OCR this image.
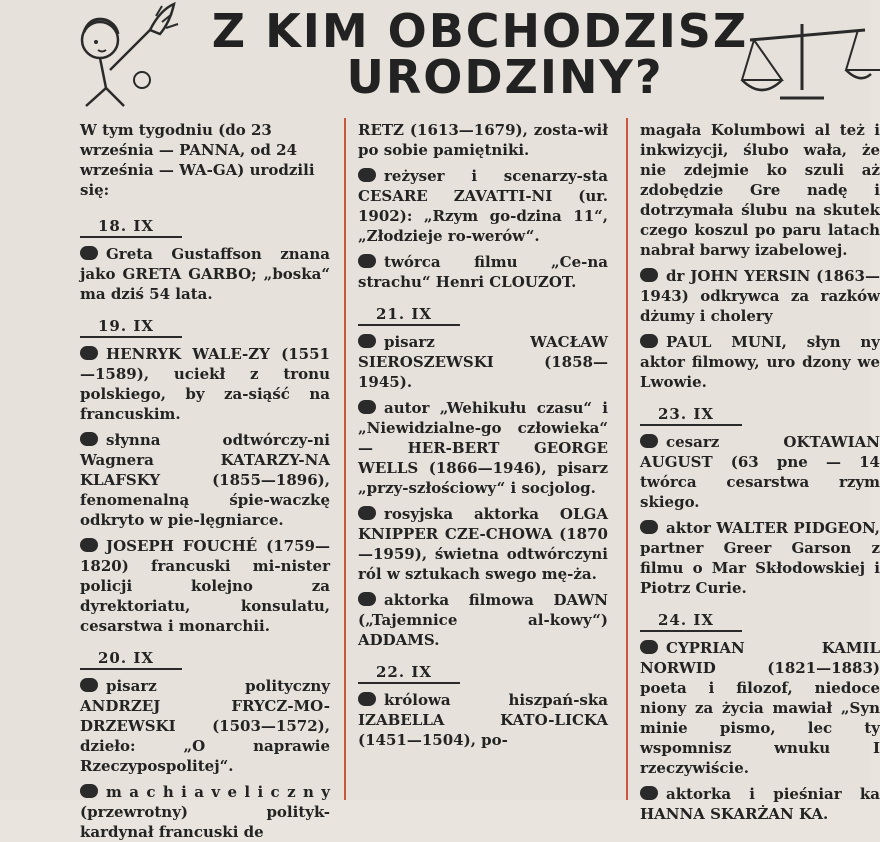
Z KIM OBCHODZISZ
URODZINY?

W tym tygodniu (do 23 września — PANNA, od 24 września — WA-GA) urodzili się:

18. IX

Greta Gustaffson znana jako GRETA GARBO; „boska“ ma dziś 54 lata.

19. IX

HENRYK WALE-ZY (1551—1589), uciekł z tronu polskiego, by za-siąść na francuskim.

słynna odtwórczy-ni Wagnera KATARZY-NA KLAFSKY (1855—1896), fenomenalną śpie-waczkę odkryto w pie-lęgniarce.

JOSEPH FOUCHÉ (1759—1820) francuski mi-nister policji kolejno za dyrektoriatu, konsulatu, cesarstwa i monarchii.

20. IX

pisarz polityczny ANDRZEJ FRYCZ-MO-DRZEWSKI (1503—1572), dzieło: „O naprawie Rzeczypospolitej“.

m a c h i a v e l i c z n y (przewrotny) polityk-kardynał francuski de

RETZ (1613—1679), zosta-wił po sobie pamiętniki.

reżyser i scenarzy-sta CESARE ZAVATTI-NI (ur. 1902): „Rzym go-dzina 11“, „Złodzieje ro-werów“.

twórca filmu „Ce-na strachu“ Henri CLOUZOT.

21. IX

pisarz WACŁAW SIEROSZEWSKI (1858—1945).

autor „Wehikułu czasu“ i „Niewidzialne-go człowieka“ — HER-BERT GEORGE WELLS (1866—1946), pisarz „przy-szłościowy“ i socjolog.

rosyjska aktorka OLGA KNIPPER CZE-CHOWA (1870—1959), świetna odtwórczyni ról w sztukach swego mę-ża.

aktorka filmowa DAWN („Tajemnice al-kowy“) ADDAMS.

22. IX

królowa hiszpań-ska IZABELLA KATO-LICKA (1451—1504), po-

magała Kolumbowi al też i inkwizycji, ślubo wała, że nie zdejmie ko szuli aż zdobędzie Gre nadę i dotrzymała ślubu na skutek czego koszul po paru latach nabrał barwy izabelowej.

dr JOHN YERSIN (1863—1943) odkrywca za razków dżumy i cholery

PAUL MUNI, słyn ny aktor filmowy, uro dzony we Lwowie.

23. IX

cesarz OKTAWIAN AUGUST (63 pne — 14 twórca cesarstwa rzym skiego.

aktor WALTER PIDGEON, partner Greer Garson z filmu o Mar Skłodowskiej i Piotrz Curie.

24. IX

CYPRIAN KAMIL NORWID (1821—1883) poeta i filozof, niedoce niony za życia mawiał „Syn minie pismo, lec ty wspomnisz wnuku I rzeczywiście.

aktorka i pieśniar ka HANNA SKARŻAN KA.
